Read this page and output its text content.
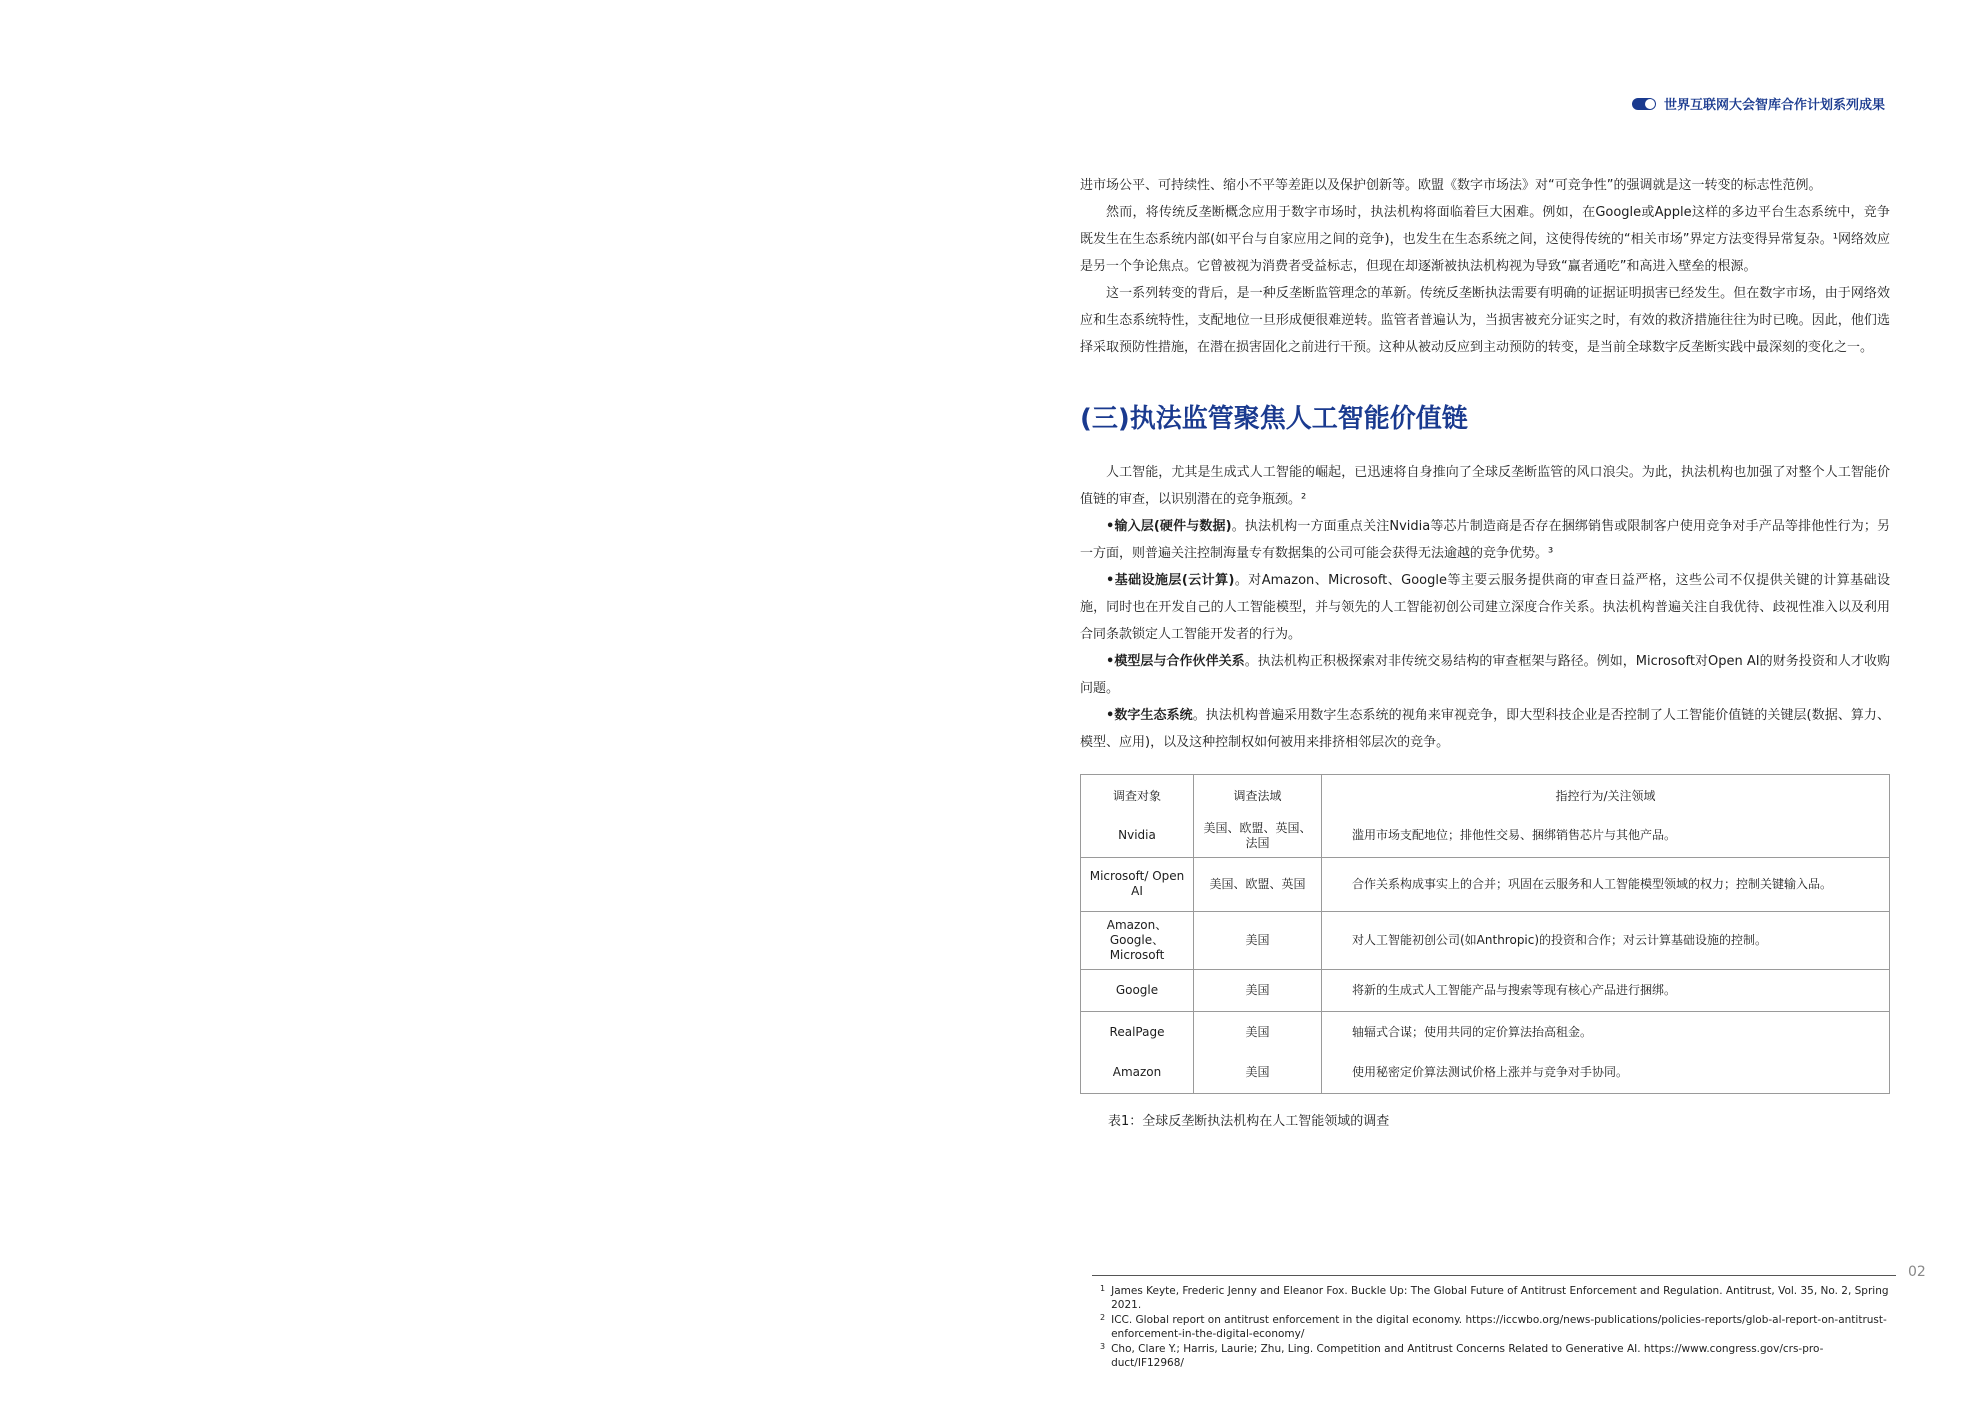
世界互联网大会智库合作计划系列成果

进市场公平、可持续性、缩小不平等差距以及保护创新等。欧盟《数字市场法》对“可竞争性”的强调就是这一转变的标志性范例。

然而，将传统反垄断概念应用于数字市场时，执法机构将面临着巨大困难。例如，在Google或Apple这样的多边平台生态系统中，竞争既发生在生态系统内部(如平台与自家应用之间的竞争)，也发生在生态系统之间，这使得传统的“相关市场”界定方法变得异常复杂。¹网络效应是另一个争论焦点。它曾被视为消费者受益标志，但现在却逐渐被执法机构视为导致“赢者通吃”和高进入壁垒的根源。

这一系列转变的背后，是一种反垄断监管理念的革新。传统反垄断执法需要有明确的证据证明损害已经发生。但在数字市场，由于网络效应和生态系统特性，支配地位一旦形成便很难逆转。监管者普遍认为，当损害被充分证实之时，有效的救济措施往往为时已晚。因此，他们选择采取预防性措施，在潜在损害固化之前进行干预。这种从被动反应到主动预防的转变，是当前全球数字反垄断实践中最深刻的变化之一。

(三)执法监管聚焦人工智能价值链

人工智能，尤其是生成式人工智能的崛起，已迅速将自身推向了全球反垄断监管的风口浪尖。为此，执法机构也加强了对整个人工智能价值链的审查，以识别潜在的竞争瓶颈。²

•输入层(硬件与数据)。执法机构一方面重点关注Nvidia等芯片制造商是否存在捆绑销售或限制客户使用竞争对手产品等排他性行为；另一方面，则普遍关注控制海量专有数据集的公司可能会获得无法逾越的竞争优势。³

•基础设施层(云计算)。对Amazon、Microsoft、Google等主要云服务提供商的审查日益严格，这些公司不仅提供关键的计算基础设施，同时也在开发自己的人工智能模型，并与领先的人工智能初创公司建立深度合作关系。执法机构普遍关注自我优待、歧视性准入以及利用合同条款锁定人工智能开发者的行为。

•模型层与合作伙伴关系。执法机构正积极探索对非传统交易结构的审查框架与路径。例如，Microsoft对Open AI的财务投资和人才收购问题。

•数字生态系统。执法机构普遍采用数字生态系统的视角来审视竞争，即大型科技企业是否控制了人工智能价值链的关键层(数据、算力、模型、应用)，以及这种控制权如何被用来排挤相邻层次的竞争。

调查对象	调查法域	指控行为/关注领域
Nvidia	美国、欧盟、英国、法国	滥用市场支配地位；排他性交易、捆绑销售芯片与其他产品。
Microsoft/ Open AI	美国、欧盟、英国	合作关系构成事实上的合并；巩固在云服务和人工智能模型领域的权力；控制关键输入品。
Amazon、 Google、 Microsoft	美国	对人工智能初创公司(如Anthropic)的投资和合作；对云计算基础设施的控制。
Google	美国	将新的生成式人工智能产品与搜索等现有核心产品进行捆绑。
RealPage	美国	轴辐式合谋；使用共同的定价算法抬高租金。
Amazon	美国	使用秘密定价算法测试价格上涨并与竞争对手协同。
表1：全球反垄断执法机构在人工智能领域的调查
02
1 James Keyte, Frederic Jenny and Eleanor Fox. Buckle Up: The Global Future of Antitrust Enforcement and Regulation. Antitrust, Vol. 35, No. 2, Spring 2021.
2 ICC. Global report on antitrust enforcement in the digital economy. https://iccwbo.org/news-publications/policies-reports/glob-al-report-on-antitrust-enforcement-in-the-digital-economy/
3 Cho, Clare Y.; Harris, Laurie; Zhu, Ling. Competition and Antitrust Concerns Related to Generative AI. https://www.congress.gov/crs-pro-duct/IF12968/
